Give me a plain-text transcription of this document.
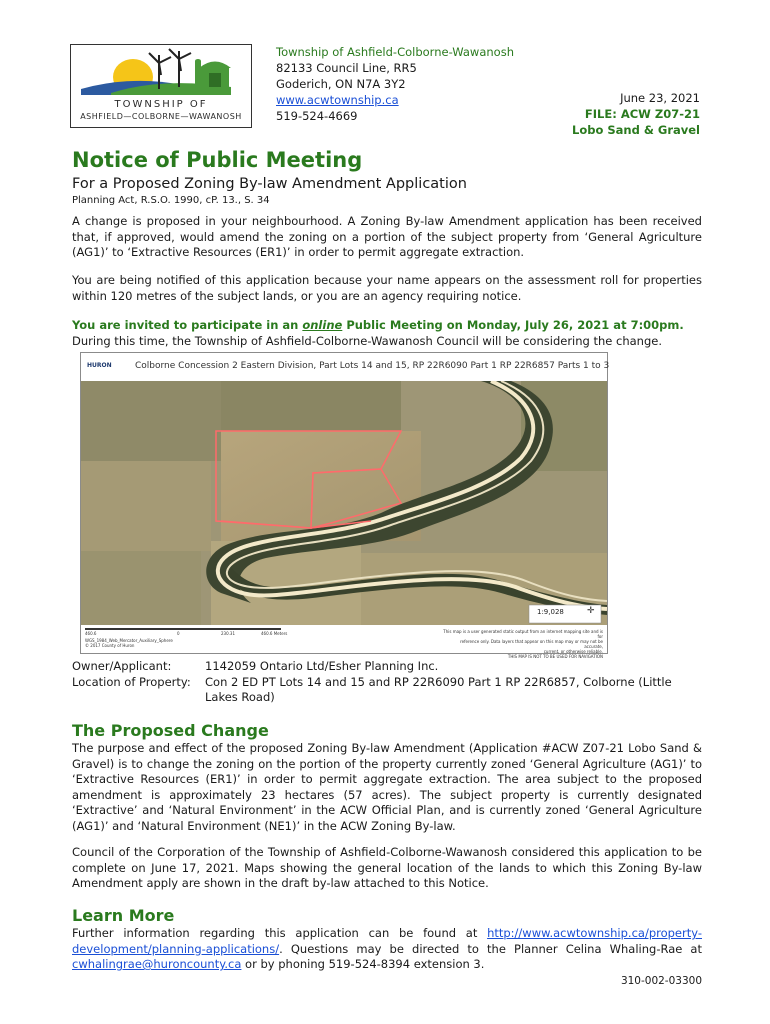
TOWNSHIP OF
ASHFIELD—COLBORNE—WAWANOSH
Township of Ashfield-Colborne-Wawanosh
82133 Council Line, RR5
Goderich, ON N7A 3Y2
www.acwtownship.ca
519-524-4669
June 23, 2021
FILE: ACW Z07-21
Lobo Sand & Gravel
Notice of Public Meeting
For a Proposed Zoning By-law Amendment Application
Planning Act, R.S.O. 1990, cP. 13., S. 34
A change is proposed in your neighbourhood. A Zoning By-law Amendment application has been received that, if approved, would amend the zoning on a portion of the subject property from ‘General Agriculture (AG1)’ to ‘Extractive Resources (ER1)’ in order to permit aggregate extraction.
You are being notified of this application because your name appears on the assessment roll for properties within 120 metres of the subject lands, or you are an agency requiring notice.
You are invited to participate in an online Public Meeting on Monday, July 26, 2021 at 7:00pm.
During this time, the Township of Ashfield-Colborne-Wawanosh Council will be considering the change.
HURON	Colborne Concession 2 Eastern Division, Part Lots 14 and 15, RP 22R6090 Part 1 RP 22R6857 Parts 1 to 3
1:9,028	✛
460.6	0	230.31	460.6 Meters
WGS_1984_Web_Mercator_Auxiliary_Sphere
© 2017 County of Huron
This map is a user generated static output from an internet mapping site and is for
reference only. Data layers that appear on this map may or may not be accurate,
current, or otherwise reliable.
THIS MAP IS NOT TO BE USED FOR NAVIGATION
Owner/Applicant:	1142059 Ontario Ltd/Esher Planning Inc.
Location of Property: Con 2 ED PT Lots 14 and 15 and RP 22R6090 Part 1 RP 22R6857, Colborne (Little
Lakes Road)
The Proposed Change
The purpose and effect of the proposed Zoning By-law Amendment (Application #ACW Z07-21 Lobo Sand & Gravel) is to change the zoning on the portion of the property currently zoned ‘General Agriculture (AG1)’ to ‘Extractive Resources (ER1)’ in order to permit aggregate extraction. The area subject to the proposed amendment is approximately 23 hectares (57 acres). The subject property is currently designated ‘Extractive’ and ‘Natural Environment’ in the ACW Official Plan, and is currently zoned ‘General Agriculture (AG1)’ and ‘Natural Environment (NE1)’ in the ACW Zoning By-law.
Council of the Corporation of the Township of Ashfield-Colborne-Wawanosh considered this application to be complete on June 17, 2021. Maps showing the general location of the lands to which this Zoning By-law Amendment apply are shown in the draft by-law attached to this Notice.
Learn More
Further information regarding this application can be found at http://www.acwtownship.ca/property-development/planning-applications/. Questions may be directed to the Planner Celina Whaling-Rae at cwhalingrae@huroncounty.ca or by phoning 519-524-8394 extension 3.
310-002-03300
